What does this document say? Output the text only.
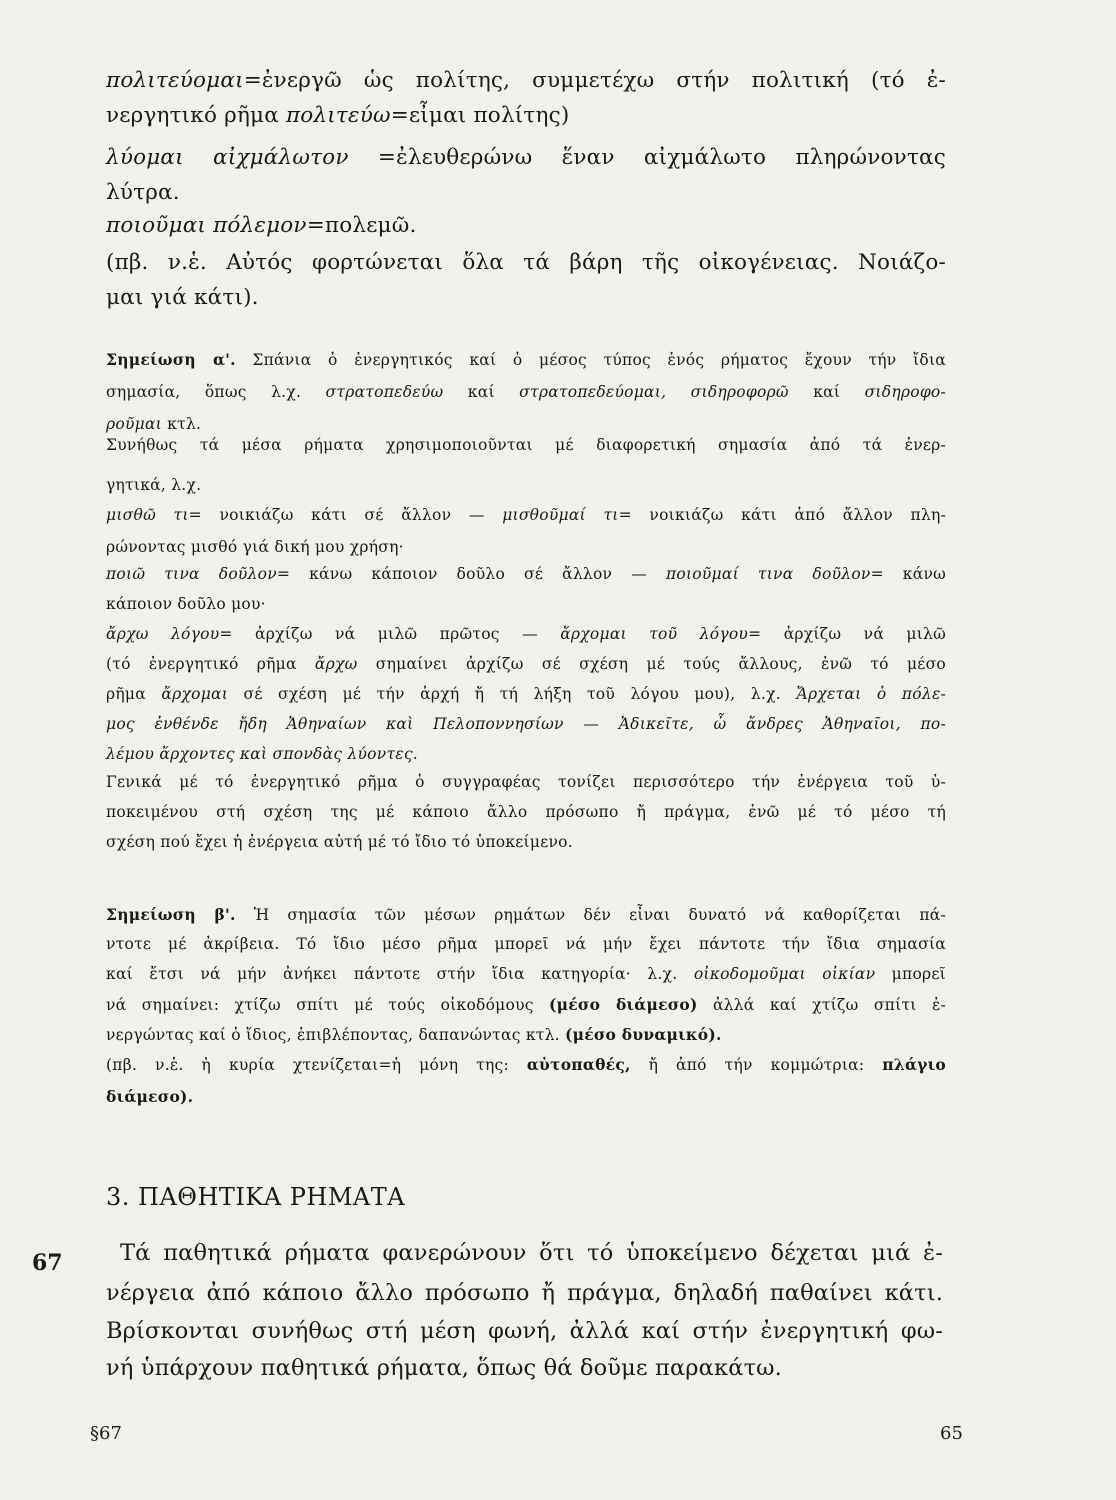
πολιτεύομαι=ἐνεργῶ ὡς πολίτης, συμμετέχω στήν πολιτική (τό ἐ-
νεργητικό ρῆμα πολιτεύω=εἶμαι πολίτης)
λύομαι αἰχμάλωτον =ἐλευθερώνω ἕναν αἰχμάλωτο πληρώνοντας
λύτρα.
ποιοῦμαι πόλεμον=πολεμῶ.
(πβ. ν.ἑ. Αὐτός φορτώνεται ὅλα τά βάρη τῆς οἰκογένειας. Νοιάζο-
μαι γιά κάτι).
Σημείωση α'. Σπάνια ὁ ἐνεργητικός καί ὁ μέσος τύπος ἑνός ρήματος ἔχουν τήν ἴδια
σημασία, ὅπως λ.χ. στρατοπεδεύω καί στρατοπεδεύομαι, σιδηροφορῶ καί σιδηροφο-
ροῦμαι κτλ.
Συνήθως τά μέσα ρήματα χρησιμοποιοῦνται μέ διαφορετική σημασία ἀπό τά ἐνερ-
γητικά, λ.χ.
μισθῶ τι= νοικιάζω κάτι σέ ἄλλον — μισθοῦμαί τι= νοικιάζω κάτι ἀπό ἄλλον πλη-
ρώνοντας μισθό γιά δική μου χρήση·
ποιῶ τινα δοῦλον= κάνω κάποιον δοῦλο σέ ἄλλον — ποιοῦμαί τινα δοῦλον= κάνω
κάποιον δοῦλο μου·
ἄρχω λόγου= ἀρχίζω νά μιλῶ πρῶτος — ἄρχομαι τοῦ λόγου= ἀρχίζω νά μιλῶ
(τό ἐνεργητικό ρῆμα ἄρχω σημαίνει ἀρχίζω σέ σχέση μέ τούς ἄλλους, ἐνῶ τό μέσο
ρῆμα ἄρχομαι σέ σχέση μέ τήν ἀρχή ἤ τή λήξη τοῦ λόγου μου), λ.χ. Ἄρχεται ὁ πόλε-
μος ἐνθένδε ἤδη Ἀθηναίων καὶ Πελοποννησίων — Ἀδικεῖτε, ὦ ἄνδρες Ἀθηναῖοι, πο-
λέμου ἄρχοντες καὶ σπονδὰς λύοντες.
Γενικά μέ τό ἐνεργητικό ρῆμα ὁ συγγραφέας τονίζει περισσότερο τήν ἐνέργεια τοῦ ὑ-
ποκειμένου στή σχέση της μέ κάποιο ἄλλο πρόσωπο ἤ πράγμα, ἐνῶ μέ τό μέσο τή
σχέση πού ἔχει ἡ ἐνέργεια αὐτή μέ τό ἴδιο τό ὑποκείμενο.
Σημείωση β'. Ἡ σημασία τῶν μέσων ρημάτων δέν εἶναι δυνατό νά καθορίζεται πά-
ντοτε μέ ἀκρίβεια. Τό ἴδιο μέσο ρῆμα μπορεῖ νά μήν ἔχει πάντοτε τήν ἴδια σημασία
καί ἔτσι νά μήν ἀνήκει πάντοτε στήν ἴδια κατηγορία· λ.χ. οἰκοδομοῦμαι οἰκίαν μπορεῖ
νά σημαίνει: χτίζω σπίτι μέ τούς οἰκοδόμους (μέσο διάμεσο) ἀλλά καί χτίζω σπίτι ἐ-
νεργώντας καί ὁ ἴδιος, ἐπιβλέποντας, δαπανώντας κτλ. (μέσο δυναμικό).
(πβ. ν.ἑ. ἡ κυρία χτενίζεται=ἡ μόνη της: αὐτοπαθές, ἤ ἀπό τήν κομμώτρια: πλάγιο
διάμεσο).
3. ΠΑΘΗΤΙΚΑ ΡΗΜΑΤΑ
67	Τά παθητικά ρήματα φανερώνουν ὅτι τό ὑποκείμενο δέχεται μιά ἐ-
νέργεια ἀπό κάποιο ἄλλο πρόσωπο ἤ πράγμα, δηλαδή παθαίνει κάτι.
Βρίσκονται συνήθως στή μέση φωνή, ἀλλά καί στήν ἐνεργητική φω-
νή ὑπάρχουν παθητικά ρήματα, ὅπως θά δοῦμε παρακάτω.
§67	65
